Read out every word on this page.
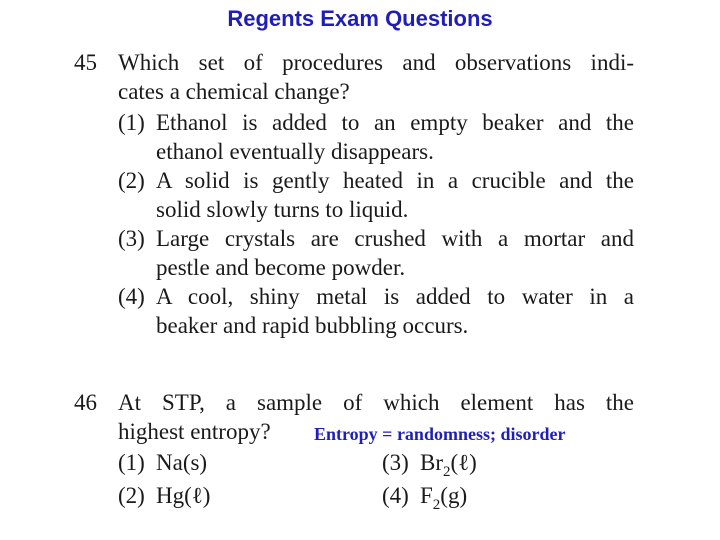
Regents Exam Questions
45 Which set of procedures and observations indi-
cates a chemical change?
(1) Ethanol is added to an empty beaker and the
ethanol eventually disappears.
(2) A solid is gently heated in a crucible and the
solid slowly turns to liquid.
(3) Large crystals are crushed with a mortar and
pestle and become powder.
(4) A cool, shiny metal is added to water in a
beaker and rapid bubbling occurs.
46 At STP, a sample of which element has the
highest entropy?
(1) Na(s)	(3) $Br_2(\ell)$
(2) Hg(ℓ)	(4) $F_2(g)$
Entropy = randomness; disorder
